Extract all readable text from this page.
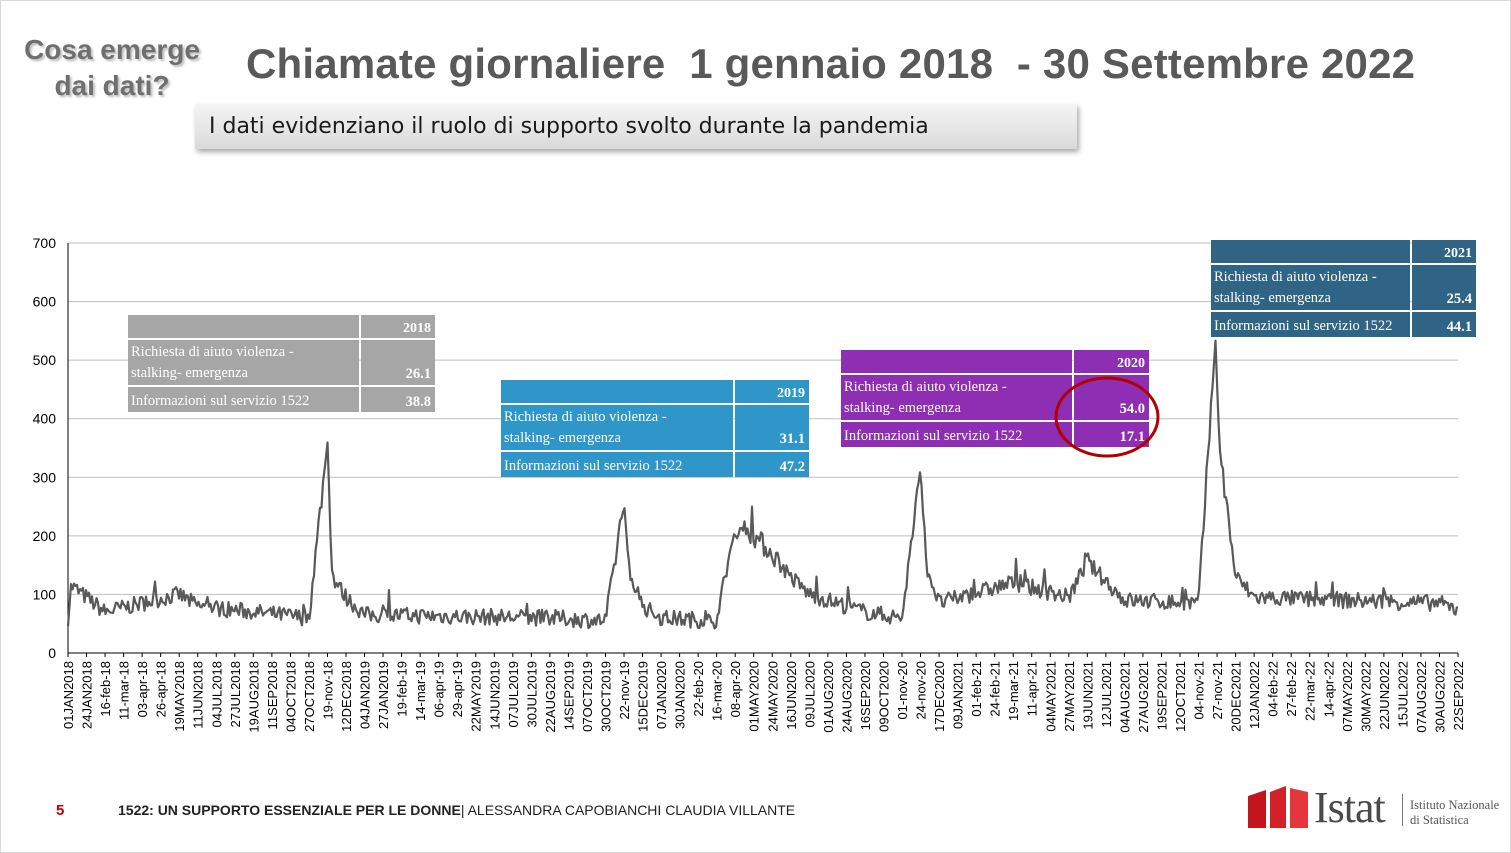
Cosa emerge dai dati?	Chiamate giornaliere  1 gennaio 2018  - 30 Settembre 2022
I dati evidenziano il ruolo di supporto svolto durante la pandemia
0
100
200
300
400
500
600
700
01JAN2018 24JAN2018 16-feb-18 11-mar-18 03-apr-18 26-apr-18 19MAY2018 11JUN2018 04JUL2018 27JUL2018 19AUG2018 11SEP2018 04OCT2018 27OCT2018 19-nov-18 12DEC2018 04JAN2019 27JAN2019 19-feb-19 14-mar-19 06-apr-19 29-apr-19 22MAY2019 14JUN2019 07JUL2019 30JUL2019 22AUG2019 14SEP2019 07OCT2019 30OCT2019 22-nov-19 15DEC2019 07JAN2020 30JAN2020 22-feb-20 16-mar-20 08-apr-20 01MAY2020 24MAY2020 16JUN2020 09JUL2020 01AUG2020 24AUG2020 16SEP2020 09OCT2020 01-nov-20 24-nov-20 17DEC2020 09JAN2021 01-feb-21 24-feb-21 19-mar-21 11-apr-21 04MAY2021 27MAY2021 19JUN2021 12JUL2021 04AUG2021 27AUG2021 19SEP2021 12OCT2021 04-nov-21 27-nov-21 20DEC2021 12JAN2022 04-feb-22 27-feb-22 22-mar-22 14-apr-22 07MAY2022 30MAY2022 22JUN2022 15JUL2022 07AUG2022 30AUG2022 22SEP2022
2018
Richiesta di aiuto violenza -
stalking- emergenza	26.1
Informazioni sul servizio 1522	38.8
2019
Richiesta di aiuto violenza -
stalking- emergenza	31.1
Informazioni sul servizio 1522	47.2
2020
Richiesta di aiuto violenza -
stalking- emergenza	54.0
Informazioni sul servizio 1522	17.1
2021
Richiesta di aiuto violenza -
stalking- emergenza	25.4
Informazioni sul servizio 1522	44.1
5	1522: UN SUPPORTO ESSENZIALE PER LE DONNE| ALESSANDRA CAPOBIANCHI CLAUDIA VILLANTE	Istat Istituto Nazionale
di Statistica
